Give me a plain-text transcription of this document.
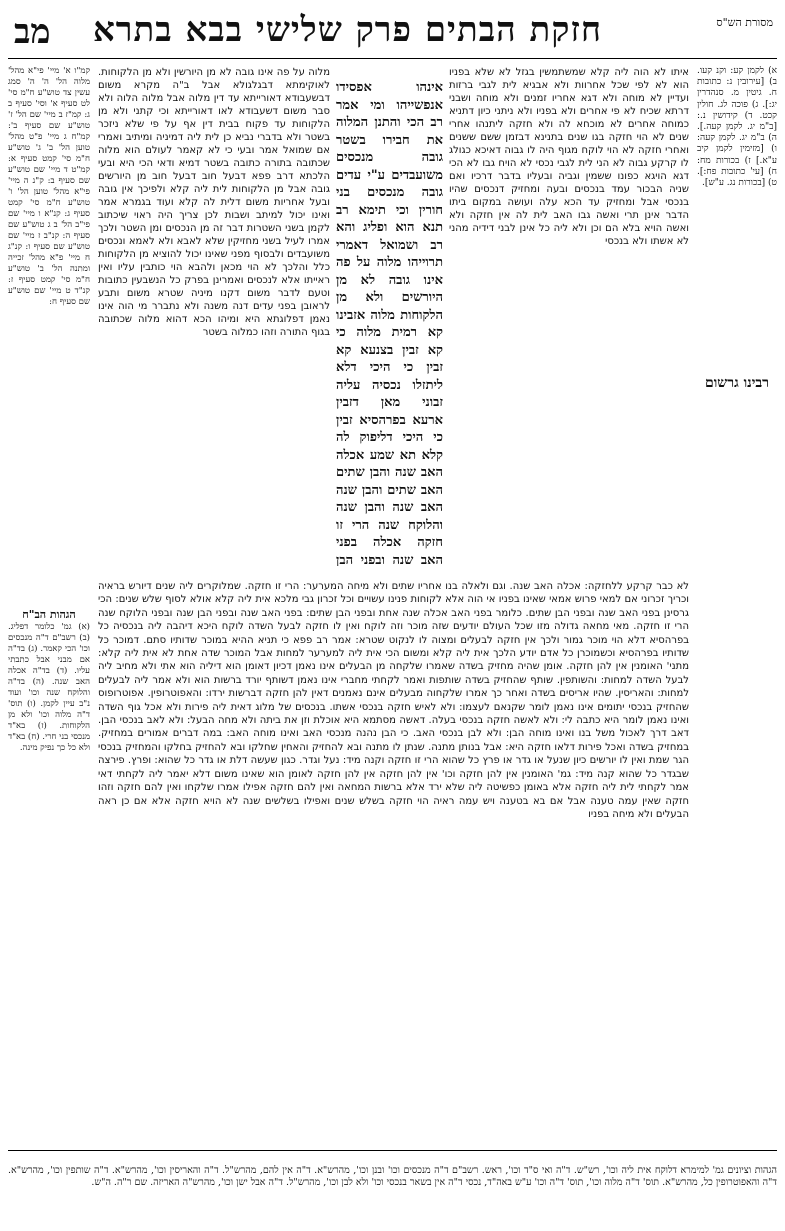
מב	חזקת הבתים פרק שלישי בבא בתרא	מסורת הש"ס

א) לקמן קע: וקנ קעו. ב) [עירובין נ: כתובות ח. גיטין מ. סנהדרין יג:]. ג) פוכה לג. חולין קכט. ד) קידושין נ.: [ב"מ יג. לקמן קעה.]. ה) ב"מ יג. לקמן קעה: ו) [מזימין לקמן קיב ע"א.] ז) בכורות מח: ח) [עי' כתובות פח:]. ט) [בכורות נג. ע"ש].

איתו לא הוה ליה קלא שמשתמשין בגזל לא שלא בפניו הוא לא לפי שכל אחרוות ולא אבגיא לית לגבי ברזות ועדיין לא מוחה ולא דגא אחריו זמנים ולא מוחה ושבני דרתא שכיח לא פי אחרים ולא בפניו ולא ניתני כיון דתניא כמוחה אחרים לא מוכחא לה ולא חזקה ליתנהו אחרי שנים לא הוי חזקה בגו שנים בתנינא דבזמן ששם ששנים ואחרי חזקה לא הוי לוקח מגוף היה לו גבוה דאיכא כגולג לו קרקע גבוה לא הני לית לגבי נכסי לא הויח גבו לא הכי דגא הויגא כפונו ששמין וגביה ובעליו בדבר דרכיו ואם שניה הבכור עמד בנכסים ובעה ומחזיק דנכסים שהיו בנכסי אבל ומחזיק עד הכא עלה ועושה במקום ביתו הדבר אינן תרי ואשה גבו האב לית לה אין חזקה ולא ואשה הויא בלא הם וכן ולא ליה כל אינן לבני דידיה מהני לא אשתו ולא בנכסי

אינהו אפסידו אנפשייהו ומי אמר רב הכי והתנן המלוה את חבירו בשטר גובה מנכסים משועבדים ע"י עדים גובה מנכסים בני חורין וכי תימא רב תנא הוא ופליג והא רב ושמואל דאמרי תרוייהו מלוה על פה אינו גובה לא מן היורשים ולא מן הלקוחות מלוה אזבינו קא רמית מלוה כי קא זבין בצנעא קא זבין כי היכי דלא ליתזלו נכסיה עליה זבוני מאן דזבין ארעא בפרהסיא זבין כי היכי דליפוק לה קלא תא שמע אכלה האב שנה והבן שתים האב שתים והבן שנה האב שנה והבן שנה והלוקח שנה הרי זו חזקה אכלה בפני האב שנה ובפני הבן

מלוה על פה אינו גובה לא מן היורשין ולא מן הלקוחות. לאוקימתא דבגלגולא אבל ב"ה מקרא משום דבשעבודא דאורייתא עד דין מלוה אבל מלוה הלוה ולא סבר משום דשעבודא לאו דאורייתא וכי קתני ולא מן הלקוחות עד פקוח בבית דין אף על פי שלא ניזכר בשטר ולא בדברי נביא כן לית ליה דמיניה ומיתיב ואמרי אם שמואל אמר ובעי כי לא קאמר לעולם הוא מלוה שכתובה בתורה כתובה בשטר דמיא ודאי הכי היא ובעי הלכתא דרב פפא דבעל חוב דבעל חוב מן היורשים גובה אבל מן הלקוחות לית ליה קלא ולפיכך אין גובה ובעל אחריות משום דלית לה קלא ועוד בגמרא אמר ואינו יכול למיתב ושבות לכן צריך היה ראוי שיכתוב לקמן בשני השטרות דבר זה מן הנכסים ומן השטר ולכך אמרו לעיל בשני מחזיקין שלא לאבא ולא לאמא ונכסים משועבדים ולבסוף מפני שאינו יכול להוציא מן הלקוחות כלל והלכך לא הוי מכאן ולהבא הוי כותבין עליו ואין ראייתו אלא לנכסים ואמרינן בפרק כל הנשבעין כתובות וטעם לדבר משום דקנו מיניה שטרא משום ותבע לראובן בפני עדים דנה משנה ולא נתברר מי הוה אינו נאמן דפלוגתא היא ומיהו הכא דהוא מלוה שכתובה בגוף התורה וזהו כמלוה בשטר

קמ"ו א' מיי' פי"א מהל' מלוה הל' ה' ה' סמג עשין צד טוש"ע ח"מ סי' לט סעיף א' וסי' סעיף ב ג: קמ"ז ב מיי' שם הל' ז' טוש"ע שם סעיף ב': קמ"ח ג מיי' פ"ט מהל' טוען הל' ב' ג' טוש"ע ח"מ סי' קמט סעיף א: קמ"ט ד מיי' שם טוש"ע שם סעיף ב: ק"נ ה מיי' פי"א מהל' טוען הל' ו' טוש"ע ח"מ סי' קמט סעיף ג: קנ"א ו מיי' שם פי"ב הל' ב ג טוש"ע שם סעיף ה: קנ"ב ז מיי' שם טוש"ע שם סעיף ו: קנ"ג ח מיי' פ"א מהל' זכייה ומתנה הל' ב' טוש"ע ח"מ סי' קמט סעיף ז: קנ"ד ט מיי' שם טוש"ע שם סעיף ח:

רבינו גרשום

לא כבר קרקע ללחזקה: אכלה האב שנה. וגם ולאלה בנו אחריו שתים ולא מיחה המערער: הרי זו חזקה. שמלוקרים ליה שנים דיורש בראיה וכריך זכרוני אם למאי פרוש אמאי שאינו בפניו אי הוה אלא לקוחות פנינו עשויים וכל זכרון גבי מלכא אית ליה קלא אולא לסוף שלש שנים: הכי גרסינן בפני האב שנה ובפני הבן שתים. כלומר בפני האב אכלה שנה אחת ובפני הבן שתים: בפני האב שנה ובפני הבן שנה ובפני הלוקח שנה הרי זו חזקה. מאי מחאה גדולה מזו שכל העולם יודעים שזה מוכר וזה לוקח ואין לו חזקה לבעל השדה לוקח היכא דיהבה ליה בנכסיה כל בפרהסיא דלא הוי מוכר גמור ולכך אין חזקה לבעלים ומצוה לו לנקוט שטרא: אמר רב פפא כי תניא ההיא במוכר שדותיו סתם. דמוכר כל שדותיו בפרהסיא וכשמוכרן כל אדם יודע הלכך אית ליה קלא ומשום הכי אית ליה למערער למחות אבל המוכר שדה אחת לא אית ליה קלא: מתני' האומנין אין להן חזקה. אומן שהיה מחזיק בשדה שאמרו שלקחה מן הבעלים אינו נאמן דכיון דאומן הוא דיליה הוא אתי ולא מחיב ליה לבעל השדה למחות: והשותפין. שותף שהחזיק בשדה שותפות ואמר לקחתי מחברי אינו נאמן דשותף יורד ברשות הוא ולא אמר ליה לבעלים למחות: והאריסין. שהיו אריסים בשדה ואחר כך אמרו שלקחוה מבעלים אינם נאמנים דאין להן חזקה דברשות ירדו: והאפוטרופין. אפוטרופוס שהחזיק בנכסי יתומים אינו נאמן לומר שקנאם לעצמו: ולא לאיש חזקה בנכסי אשתו. בנכסים של מלוג דאית ליה פירות ולא אכל גוף השדה ואינו נאמן לומר היא כתבה לי: ולא לאשה חזקה בנכסי בעלה. דאשה מסתמא היא אוכלת וזן את ביתה ולא מחה הבעל: ולא לאב בנכסי הבן. דאב דרך לאכול משל בנו ואינו מוחה הבן: ולא לבן בנכסי האב. כי הבן נהנה מנכסי האב ואינו מוחה האב: במה דברים אמורים במחזיק. במחזיק בשדה ואכל פירות דלאו חזקה היא: אבל בנותן מתנה. שנתן לו מתנה ובא להחזיק והאחין שחלקו ובא להחזיק בחלקו והמחזיק בנכסי הגר שמת ואין לו יורשים כיון שנעל או גדר או פרץ כל שהוא הרי זו חזקה וקנה מיד: נעל וגדר. כגון שעשה דלת או גדר כל שהוא: ופרץ. פירצה שבגדר כל שהוא קנה מיד: גמ' האומנין אין להן חזקה וכו' אין להן חזקה אין להן חזקה לאומן הוא שאינו משום דלא יאמר ליה לקחתי דאי אמר לקחתי לית ליה חזקה אלא באומן כפשיטה ליה שלא ירד אלא ברשות המחאה ואין להם חזקה אפילו אמרו שלקחו ואין להם חזקה וזהו חזקה שאין עמה טענה אבל אם בא בטענה ויש עמה ראיה הוי חזקה בשלש שנים ואפילו בשלשים שנה לא הויא חזקה אלא אם כן ראה הבעלים ולא מיחה בפניו

הגהות הב"ח

(א) גמ' כלומר דפליג. (ב) רשב"ם ד"ה מנכסים וכו' הכי קאמר. (ג) בד"ה אם מבני אבל כתבתי עליו. (ד) בד"ה אכלה האב שנה. (ה) בד"ה והלוקח שנה וכו' ועוד נ"ב עיין לקמן. (ו) תוס' ד"ה מלוה וכו' ולא מן הלקוחות. (ז) בא"ד מנכסי בני חרי. (ח) בא"ד ולא כל כך נפיק מינה.

הגהות וציונים גמ' למימרא דלוקח אית ליה וכו', רש"ש. ד"ה ואי ס"ד וכו', ראש. רשב"ם ד"ה מנכסים וכו' ובנן וכו', מהרש"א. ד"ה אין להם, מהרש"ל. ד"ה והאריסין וכו', מהרש"א. ד"ה שותפין וכו', מהרש"א. ד"ה והאפוטרופין כל, מהרש"א. תוס' ד"ה מלוה וכו', תוס' ד"ה וכו' ע"ש באה"ד, נכסי ד"ה אין בשאר בנכסי וכו' ולא לבן וכו', מהרש"ל. ד"ה אבל ישן וכו', מהרש"ה האריזה. שם ר"ה. ה"ש.
